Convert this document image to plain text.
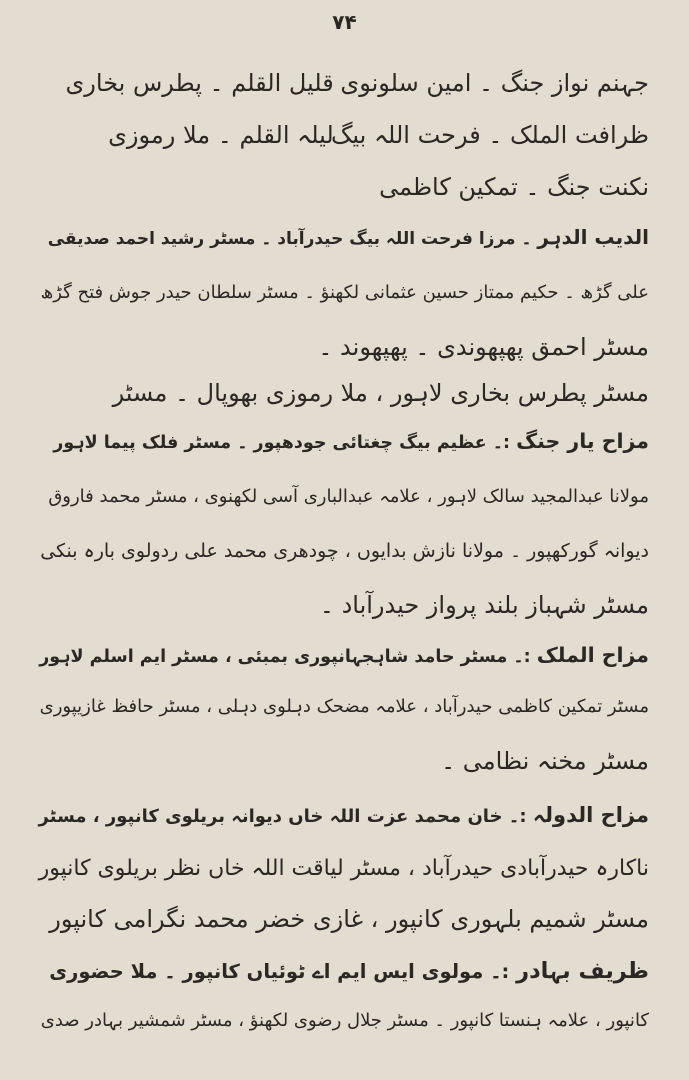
۷۴
جہنم نواز جنگ ۔ امین سلونوی  قلیل القلم ۔ پطرس بخاری
ظرافت الملک ۔ فرحت اللہ بیگ  لیلہ القلم ۔ ملا رموزی
نکنت جنگ ۔ تمکین کاظمی
الدیب الدہر ۔ مرزا فرحت اللہ بیگ حیدرآباد ۔ مسٹر رشید احمد صدیقی
علی گڑھ ۔ حکیم ممتاز حسین عثمانی لکھنؤ ۔ مسٹر سلطان حیدر جوش فتح گڑھ
مسٹر احمق پھپھوندی ۔ پھپھوند ۔
مسٹر پطرس بخاری لاہور ، ملا رموزی بھوپال ۔ مسٹر
مزاح یار جنگ :۔ عظیم بیگ چغتائی جودھپور ۔ مسٹر فلک پیما لاہور
مولانا عبدالمجید سالک لاہور ، علامہ عبدالباری آسی لکھنوی ، مسٹر محمد فاروق
دیوانہ گورکھپور ۔ مولانا نازش بدایوں ، چودھری محمد علی ردولوی بارہ بنکی
مسٹر شہباز بلند پرواز حیدرآباد ۔
مزاح الملک :۔ مسٹر حامد شاہجہانپوری بمبئی ، مسٹر ایم اسلم لاہور
مسٹر تمکین کاظمی حیدرآباد ، علامہ مضحک دہلوی دہلی ، مسٹر حافظ غازیپوری
مسٹر مخنہ نظامی ۔
مزاح الدولہ :۔ خان محمد عزت اللہ خاں دیوانہ بریلوی کانپور ، مسٹر
ناکارہ حیدرآبادی حیدرآباد ، مسٹر لیاقت اللہ خاں نظر بریلوی کانپور
مسٹر شمیم بلہوری کانپور ، غازی خضر محمد نگرامی کانپور
ظریف بہادر :۔ مولوی ایس ایم اے ٹوئیاں کانپور ۔ ملا حضوری
کانپور ، علامہ ہنستا کانپور ۔ مسٹر جلال رضوی لکھنؤ ، مسٹر شمشیر بہادر صدی
